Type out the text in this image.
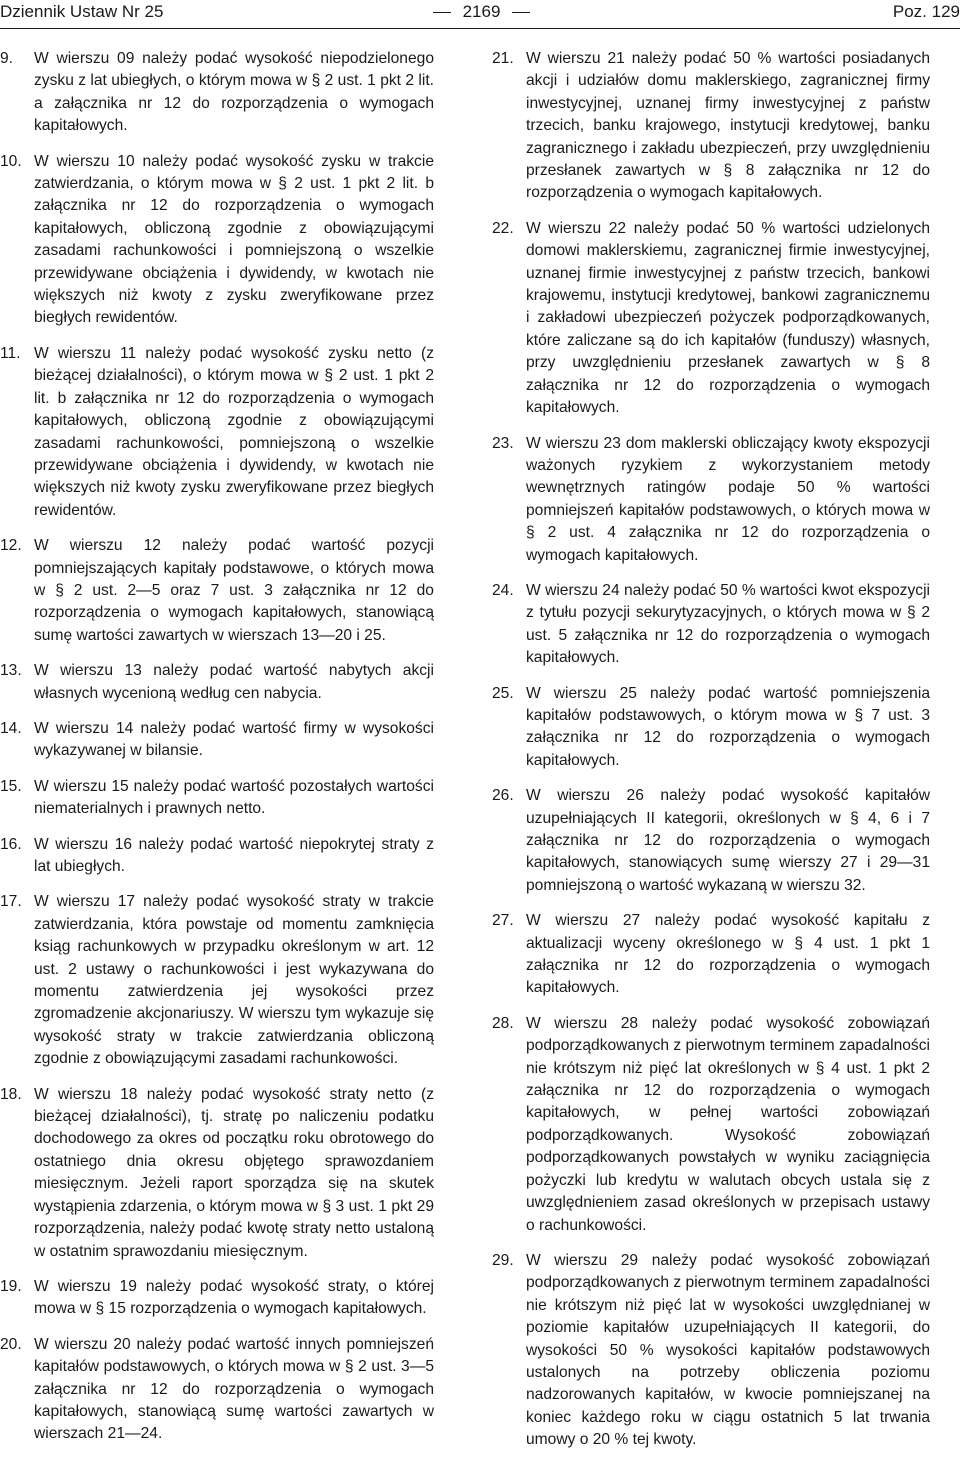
Dziennik Ustaw Nr 25	2169	Poz. 129
9. W wierszu 09 należy podać wysokość niepodzielonego zysku z lat ubiegłych, o którym mowa w § 2 ust. 1 pkt 2 lit. a załącznika nr 12 do rozporządzenia o wymogach kapitałowych.
10. W wierszu 10 należy podać wysokość zysku w trakcie zatwierdzania, o którym mowa w § 2 ust. 1 pkt 2 lit. b załącznika nr 12 do rozporządzenia o wymogach kapitałowych, obliczoną zgodnie z obowiązującymi zasadami rachunkowości i pomniejszoną o wszelkie przewidywane obciążenia i dywidendy, w kwotach nie większych niż kwoty z zysku zweryfikowane przez biegłych rewidentów.
11. W wierszu 11 należy podać wysokość zysku netto (z bieżącej działalności), o którym mowa w § 2 ust. 1 pkt 2 lit. b załącznika nr 12 do rozporządzenia o wymogach kapitałowych, obliczoną zgodnie z obowiązującymi zasadami rachunkowości, pomniejszoną o wszelkie przewidywane obciążenia i dywidendy, w kwotach nie większych niż kwoty zysku zweryfikowane przez biegłych rewidentów.
12. W wierszu 12 należy podać wartość pozycji pomniejszających kapitały podstawowe, o których mowa w § 2 ust. 2—5 oraz 7 ust. 3 załącznika nr 12 do rozporządzenia o wymogach kapitałowych, stanowiącą sumę wartości zawartych w wierszach 13—20 i 25.
13. W wierszu 13 należy podać wartość nabytych akcji własnych wycenioną według cen nabycia.
14. W wierszu 14 należy podać wartość firmy w wysokości wykazywanej w bilansie.
15. W wierszu 15 należy podać wartość pozostałych wartości niematerialnych i prawnych netto.
16. W wierszu 16 należy podać wartość niepokrytej straty z lat ubiegłych.
17. W wierszu 17 należy podać wysokość straty w trakcie zatwierdzania, która powstaje od momentu zamknięcia ksiąg rachunkowych w przypadku określonym w art. 12 ust. 2 ustawy o rachunkowości i jest wykazywana do momentu zatwierdzenia jej wysokości przez zgromadzenie akcjonariuszy. W wierszu tym wykazuje się wysokość straty w trakcie zatwierdzania obliczoną zgodnie z obowiązującymi zasadami rachunkowości.
18. W wierszu 18 należy podać wysokość straty netto (z bieżącej działalności), tj. stratę po naliczeniu podatku dochodowego za okres od początku roku obrotowego do ostatniego dnia okresu objętego sprawozdaniem miesięcznym. Jeżeli raport sporządza się na skutek wystąpienia zdarzenia, o którym mowa w § 3 ust. 1 pkt 29 rozporządzenia, należy podać kwotę straty netto ustaloną w ostatnim sprawozdaniu miesięcznym.
19. W wierszu 19 należy podać wysokość straty, o której mowa w § 15 rozporządzenia o wymogach kapitałowych.
20. W wierszu 20 należy podać wartość innych pomniejszeń kapitałów podstawowych, o których mowa w § 2 ust. 3—5 załącznika nr 12 do rozporządzenia o wymogach kapitałowych, stanowiącą sumę wartości zawartych w wierszach 21—24.
21. W wierszu 21 należy podać 50 % wartości posiadanych akcji i udziałów domu maklerskiego, zagranicznej firmy inwestycyjnej, uznanej firmy inwestycyjnej z państw trzecich, banku krajowego, instytucji kredytowej, banku zagranicznego i zakładu ubezpieczeń, przy uwzględnieniu przesłanek zawartych w § 8 załącznika nr 12 do rozporządzenia o wymogach kapitałowych.
22. W wierszu 22 należy podać 50 % wartości udzielonych domowi maklerskiemu, zagranicznej firmie inwestycyjnej, uznanej firmie inwestycyjnej z państw trzecich, bankowi krajowemu, instytucji kredytowej, bankowi zagranicznemu i zakładowi ubezpieczeń pożyczek podporządkowanych, które zaliczane są do ich kapitałów (funduszy) własnych, przy uwzględnieniu przesłanek zawartych w § 8 załącznika nr 12 do rozporządzenia o wymogach kapitałowych.
23. W wierszu 23 dom maklerski obliczający kwoty ekspozycji ważonych ryzykiem z wykorzystaniem metody wewnętrznych ratingów podaje 50 % wartości pomniejszeń kapitałów podstawowych, o których mowa w § 2 ust. 4 załącznika nr 12 do rozporządzenia o wymogach kapitałowych.
24. W wierszu 24 należy podać 50 % wartości kwot ekspozycji z tytułu pozycji sekurytyzacyjnych, o których mowa w § 2 ust. 5 załącznika nr 12 do rozporządzenia o wymogach kapitałowych.
25. W wierszu 25 należy podać wartość pomniejszenia kapitałów podstawowych, o którym mowa w § 7 ust. 3 załącznika nr 12 do rozporządzenia o wymogach kapitałowych.
26. W wierszu 26 należy podać wysokość kapitałów uzupełniających II kategorii, określonych w § 4, 6 i 7 załącznika nr 12 do rozporządzenia o wymogach kapitałowych, stanowiących sumę wierszy 27 i 29—31 pomniejszoną o wartość wykazaną w wierszu 32.
27. W wierszu 27 należy podać wysokość kapitału z aktualizacji wyceny określonego w § 4 ust. 1 pkt 1 załącznika nr 12 do rozporządzenia o wymogach kapitałowych.
28. W wierszu 28 należy podać wysokość zobowiązań podporządkowanych z pierwotnym terminem zapadalności nie krótszym niż pięć lat określonych w § 4 ust. 1 pkt 2 załącznika nr 12 do rozporządzenia o wymogach kapitałowych, w pełnej wartości zobowiązań podporządkowanych. Wysokość zobowiązań podporządkowanych powstałych w wyniku zaciągnięcia pożyczki lub kredytu w walutach obcych ustala się z uwzględnieniem zasad określonych w przepisach ustawy o rachunkowości.
29. W wierszu 29 należy podać wysokość zobowiązań podporządkowanych z pierwotnym terminem zapadalności nie krótszym niż pięć lat w wysokości uwzględnianej w poziomie kapitałów uzupełniających II kategorii, do wysokości 50 % wysokości kapitałów podstawowych ustalonych na potrzeby obliczenia poziomu nadzorowanych kapitałów, w kwocie pomniejszanej na koniec każdego roku w ciągu ostatnich 5 lat trwania umowy o 20 % tej kwoty.
